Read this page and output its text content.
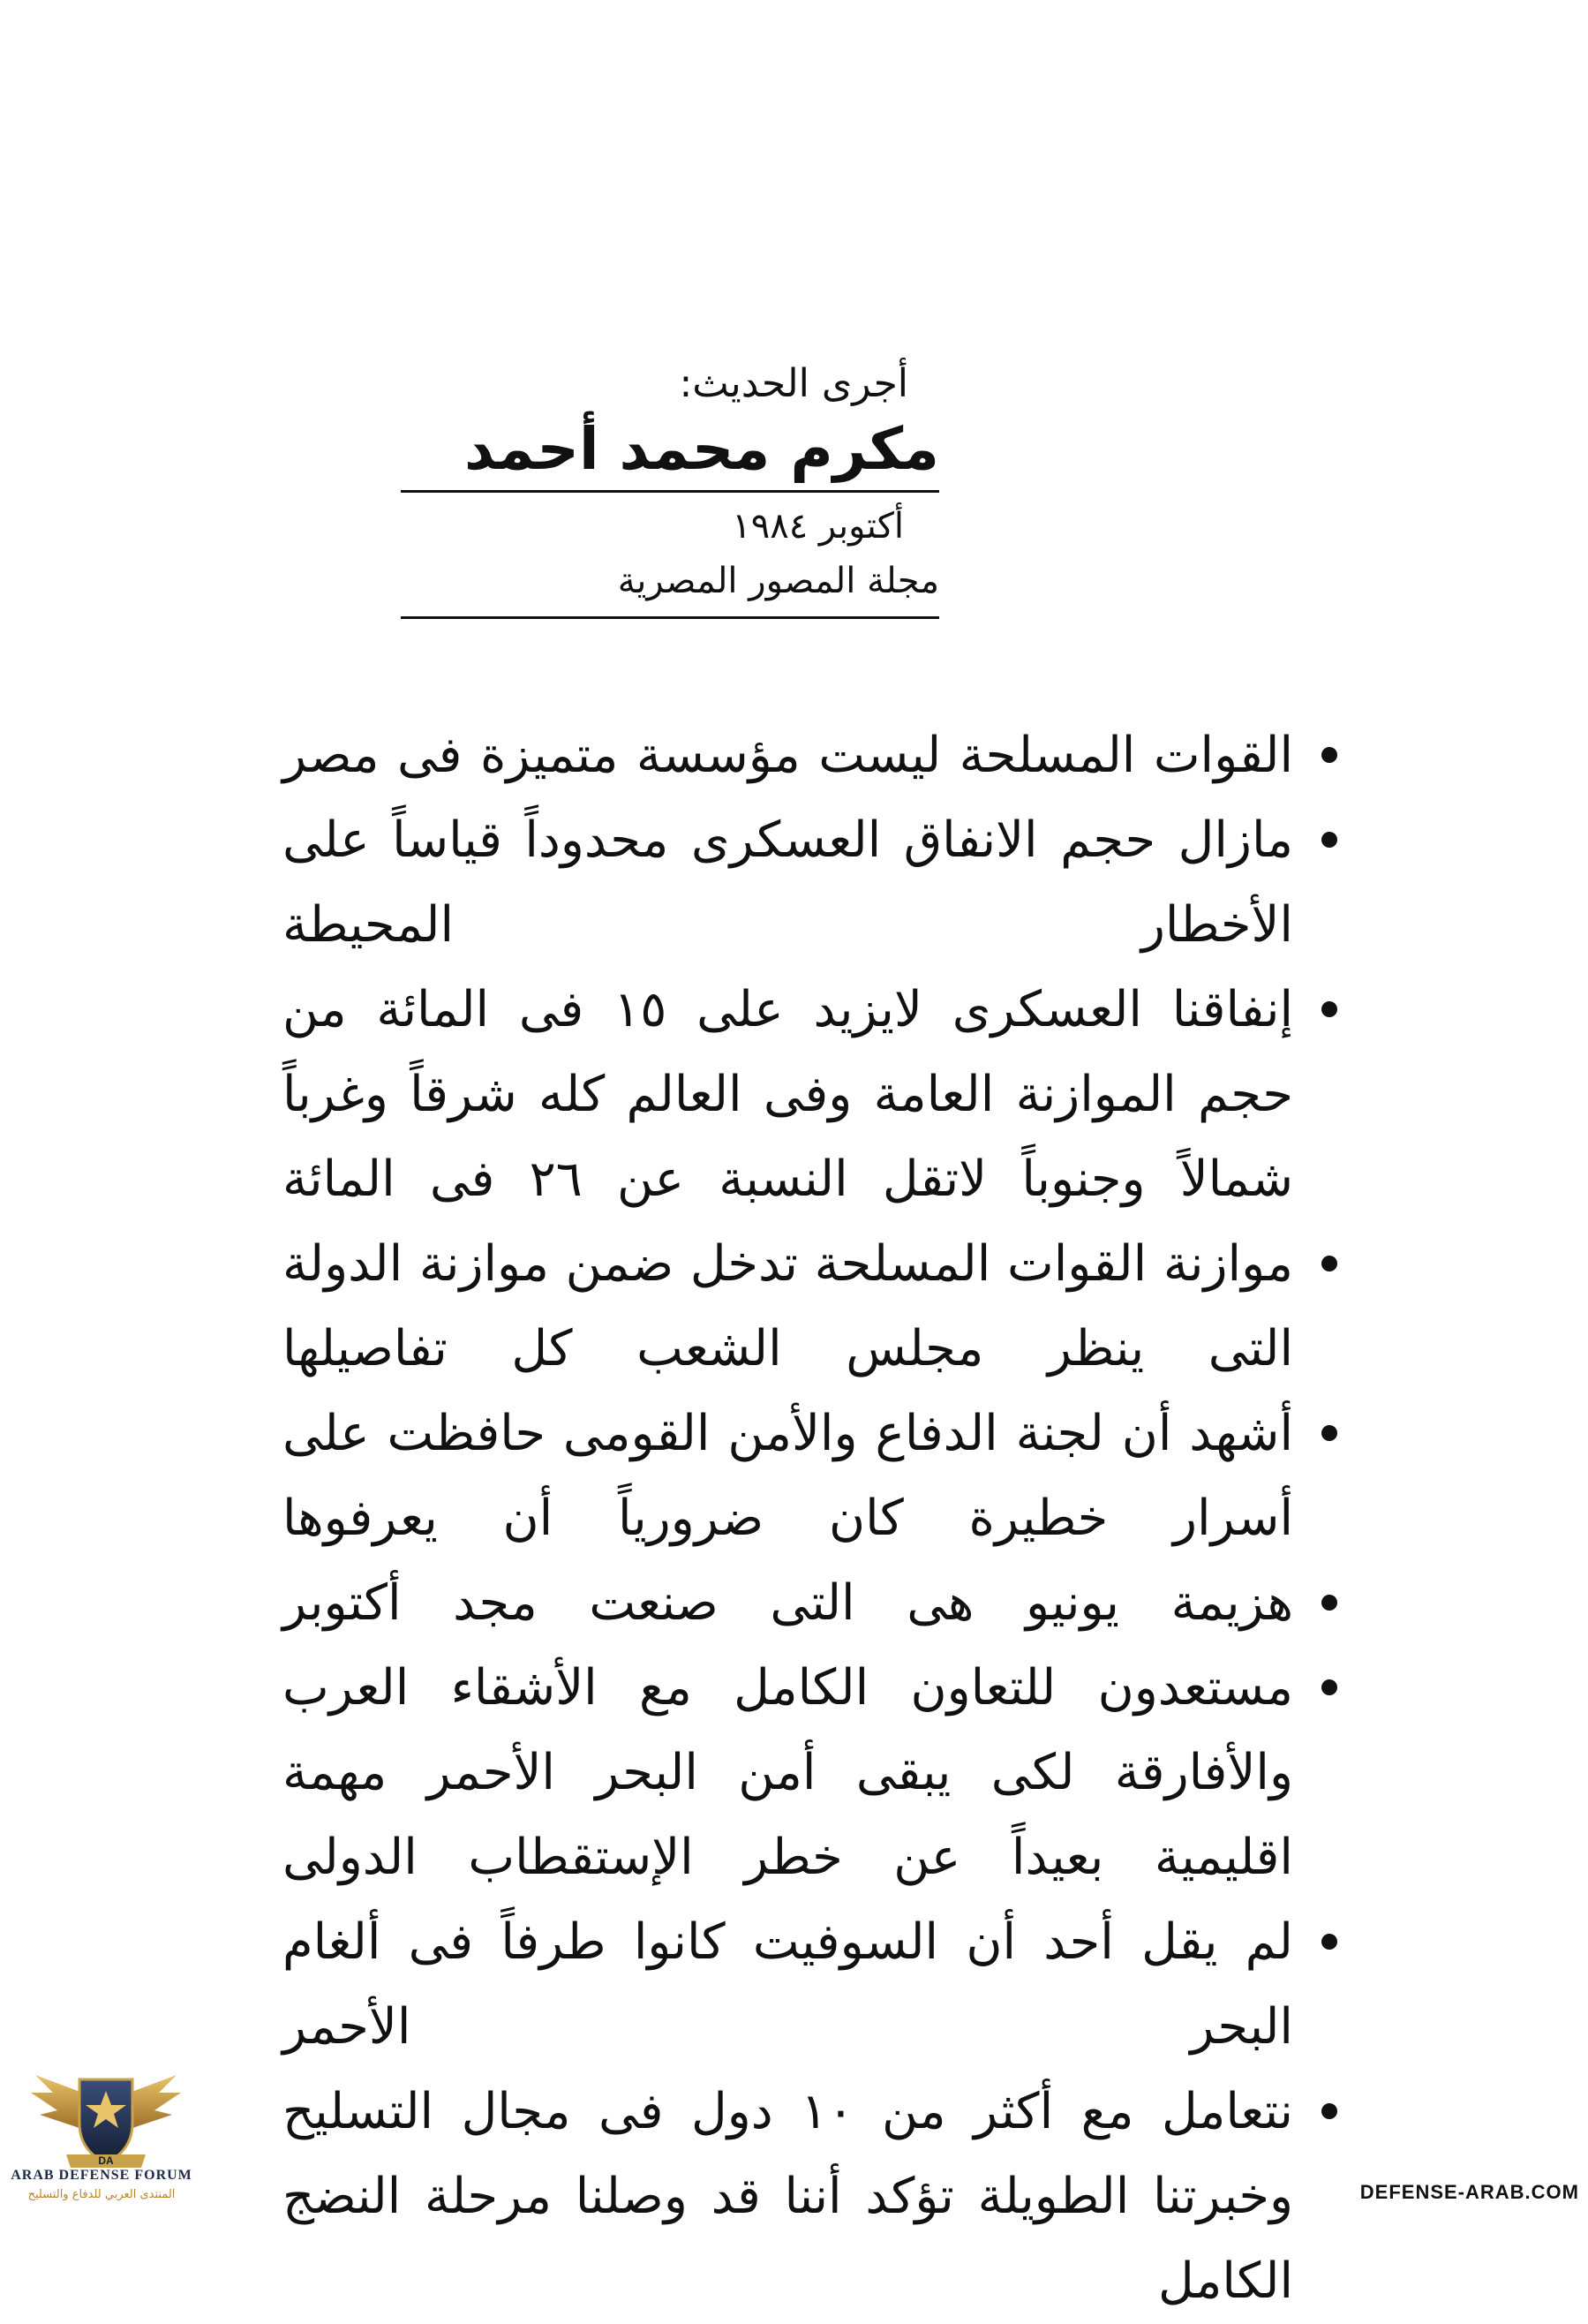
أجرى الحديث:
مكرم محمد أحمد
أكتوبر ١٩٨٤
مجلة المصور المصرية
القوات المسلحة ليست مؤسسة متميزة فى مصر
مازال حجم الانفاق العسكرى محدوداً قياساً على الأخطار المحيطة
إنفاقنا العسكرى لايزيد على ١٥ فى المائة من حجم الموازنة العامة وفى العالم كله شرقاً وغرباً شمالاً وجنوباً لاتقل النسبة عن ٢٦ فى المائة
موازنة القوات المسلحة تدخل ضمن موازنة الدولة التى ينظر مجلس الشعب كل تفاصيلها
أشهد أن لجنة الدفاع والأمن القومى حافظت على أسرار خطيرة كان ضرورياً أن يعرفوها
هزيمة يونيو هى التى صنعت مجد أكتوبر
مستعدون للتعاون الكامل مع الأشقاء العرب والأفارقة لكى يبقى أمن البحر الأحمر مهمة اقليمية بعيداً عن خطر الإستقطاب الدولى
لم يقل أحد أن السوفيت كانوا طرفاً فى ألغام البحر الأحمر
نتعامل مع أكثر من ١٠ دول فى مجال التسليح وخبرتنا الطويلة تؤكد أننا قد وصلنا مرحلة النضج الكامل
DA
ARAB DEFENSE FORUM
المنتدى العربي للدفاع والتسليح	DEFENSE-ARAB.COM
